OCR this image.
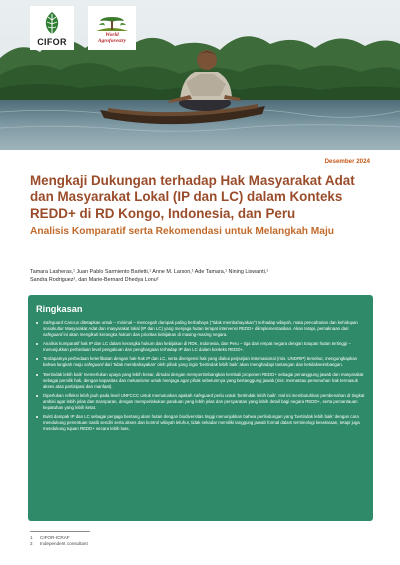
CIFOR
World
Agroforestry
Desember 2024
Mengkaji Dukungan terhadap Hak Masyarakat Adat dan Masyarakat Lokal (IP dan LC) dalam Konteks REDD+ di RD Kongo, Indonesia, dan Peru
Analisis Komparatif serta Rekomendasi untuk Melangkah Maju

Tamara Lasheras,¹ Juan Pablo Sarmiento Barletti,¹ Anne M. Larson,¹ Ade Tamara,¹ Nining Liswanti,¹
Sandra Rodriguez², dan Marie-Bernard Dhedya Lonu²

Ringkasan
Safeguard Cancun ditetapkan untuk – minimal – mencegah dampak paling berbahaya ("tidak membahayakan") terhadap wilayah, mata pencaharian dan kehidupan sosiokultur Masyarakat Adat dan masyarakat lokal (IP dan LC) yang menjaga hutan tempat intervensi REDD+ diimplementasikan. Akan tetapi, pemaknaan dari safeguard ini akan mengikuti kerangka hukum dan prioritas kebijakan di masing-masing negara.
Analisis komparatif hak IP dan LC dalam kerangka hukum dan kebijakan di RDK, Indonesia, dan Peru – tiga dari empat negara dengan tutupan hutan tertinggi – menunjukkan perbedaan level pengakuan dan penghargaan terhadap IP dan LC dalam konteks REDD+.
Terdapatnya perbedaan keterlibatan dengan hak-hak IP dan LC, serta divergensi hak yang diakui perjanjian internasional (mis. UNDRIP) tersebut, mengungkapkan bahwa langkah maju safeguard dari 'tidak membahayakan' oleh pihak yang ingin 'bertindak lebih baik' akan menghadapi tantangan dan ketidakseimbangan.
'Bertindak lebih baik' memerlukan upaya yang lebih besar, dimulai dengan mempertimbangkan kembali proponen REDD+ sebagai penanggung jawab dan masyarakat sebagai pemilik hak, dengan kapasitas dan mekanisme untuk menjaga agar pihak sebelumnya yang bertanggung jawab (mis: memantau pemenuhan hak termasuk akses atas partisipasi dan manfaat).
Diperlukan refleksi lebih jauh pada level UNFCCC untuk memutuskan apakah safeguard perlu untuk 'bertindak lebih baik'. Hal ini membutuhkan pembenahan di tingkat ambisi agar lebih jelas dan transparan, dengan memperlakukan panduan yang lebih jelas dan persyaratan yang lebih detail bagi negara REDD+, serta pemantauan kepatuhan yang lebih ketat.
Bukti dampak IP dan LC sebagai penjaga bentang alam hutan dengan biodiversitas tinggi menunjukkan bahwa perlindungan yang 'bertindak lebih baik' dengan cara mendukung penentuan nasib sendiri serta akses dan kontrol wilayah leluhur, tidak sekadar memiliki tanggung jawab formal dalam terminologi kesetaraan, tetapi juga mendukung tujuan REDD+ secara lebih luas.
1 CIFOR-ICRAF
2 Independent consultant
